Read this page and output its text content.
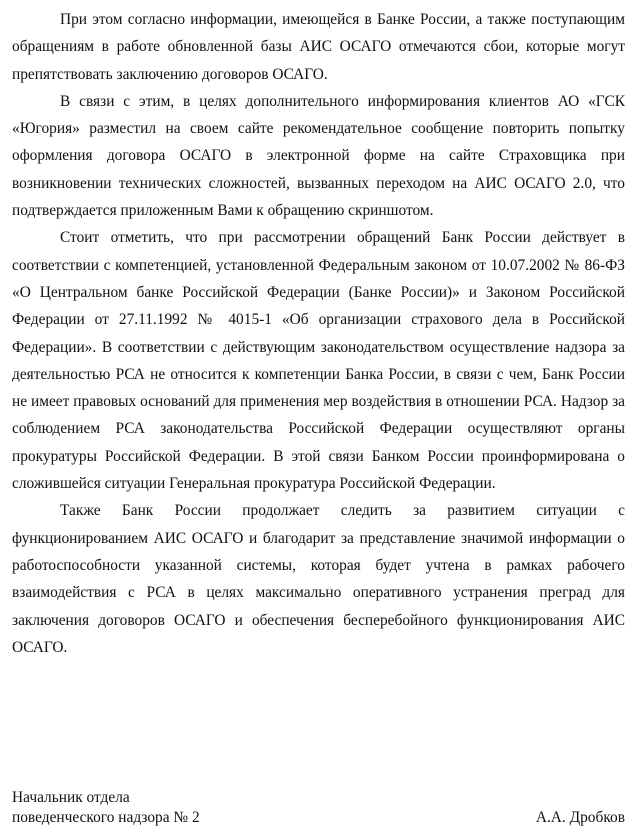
При этом согласно информации, имеющейся в Банке России, а также поступающим обращениям в работе обновленной базы АИС ОСАГО отмечаются сбои, которые могут препятствовать заключению договоров ОСАГО.

В связи с этим, в целях дополнительного информирования клиентов АО «ГСК «Югория» разместил на своем сайте рекомендательное сообщение повторить попытку оформления договора ОСАГО в электронной форме на сайте Страховщика при возникновении технических сложностей, вызванных переходом на АИС ОСАГО 2.0, что подтверждается приложенным Вами к обращению скриншотом.

Стоит отметить, что при рассмотрении обращений Банк России действует в соответствии с компетенцией, установленной Федеральным законом от 10.07.2002 № 86-ФЗ «О Центральном банке Российской Федерации (Банке России)» и Законом Российской Федерации от 27.11.1992 № 4015-1 «Об организации страхового дела в Российской Федерации». В соответствии с действующим законодательством осуществление надзора за деятельностью РСА не относится к компетенции Банка России, в связи с чем, Банк России не имеет правовых оснований для применения мер воздействия в отношении РСА. Надзор за соблюдением РСА законодательства Российской Федерации осуществляют органы прокуратуры Российской Федерации. В этой связи Банком России проинформирована о сложившейся ситуации Генеральная прокуратура Российской Федерации.

Также Банк России продолжает следить за развитием ситуации с функционированием АИС ОСАГО и благодарит за представление значимой информации о работоспособности указанной системы, которая будет учтена в рамках рабочего взаимодействия с РСА в целях максимально оперативного устранения преград для заключения договоров ОСАГО и обеспечения бесперебойного функционирования АИС ОСАГО.

Начальник отдела
поведенческого надзора № 2	А.А. Дробков
